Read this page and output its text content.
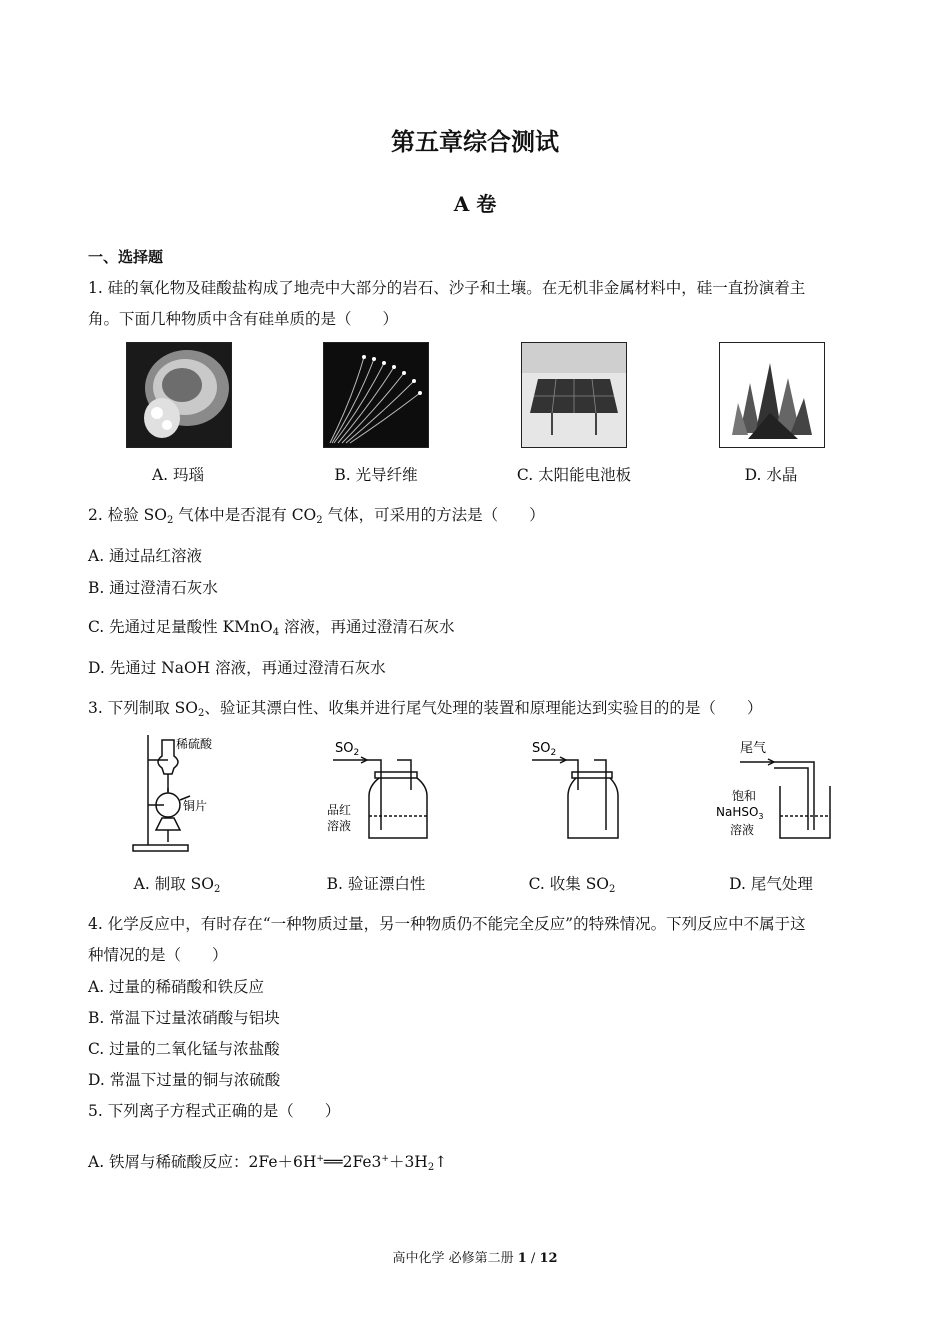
第五章综合测试
A 卷
一、选择题
1. 硅的氧化物及硅酸盐构成了地壳中大部分的岩石、沙子和土壤。在无机非金属材料中，硅一直扮演着主
角。下面几种物质中含有硅单质的是（　　）
A. 玛瑙	B. 光导纤维	C. 太阳能电池板	D. 水晶
2. 检验 $SO_2$ 气体中是否混有 $CO_2$ 气体，可采用的方法是（　　）
A. 通过品红溶液
B. 通过澄清石灰水
C. 先通过足量酸性 KMnO$_4$ 溶液，再通过澄清石灰水
D. 先通过 NaOH 溶液，再通过澄清石灰水
3. 下列制取 $SO_2$、验证其漂白性、收集并进行尾气处理的装置和原理能达到实验目的的是（　　）
稀硫酸
铜片
$SO_2$
品红
溶液
$SO_2$	尾气
饱和
NaHSO$_3$
溶液
A. 制取 $SO_2$	B. 验证漂白性	C. 收集 $SO_2$	D. 尾气处理
4. 化学反应中，有时存在“一种物质过量，另一种物质仍不能完全反应”的特殊情况。下列反应中不属于这
种情况的是（　　）
A. 过量的稀硝酸和铁反应
B. 常温下过量浓硝酸与铝块
C. 过量的二氧化锰与浓盐酸
D. 常温下过量的铜与浓硫酸
5. 下列离子方程式正确的是（　　）
A. 铁屑与稀硫酸反应：$2Fe+6H^+══2Fe3^++3H_2↑$
高中化学 必修第二册 1 / 12
